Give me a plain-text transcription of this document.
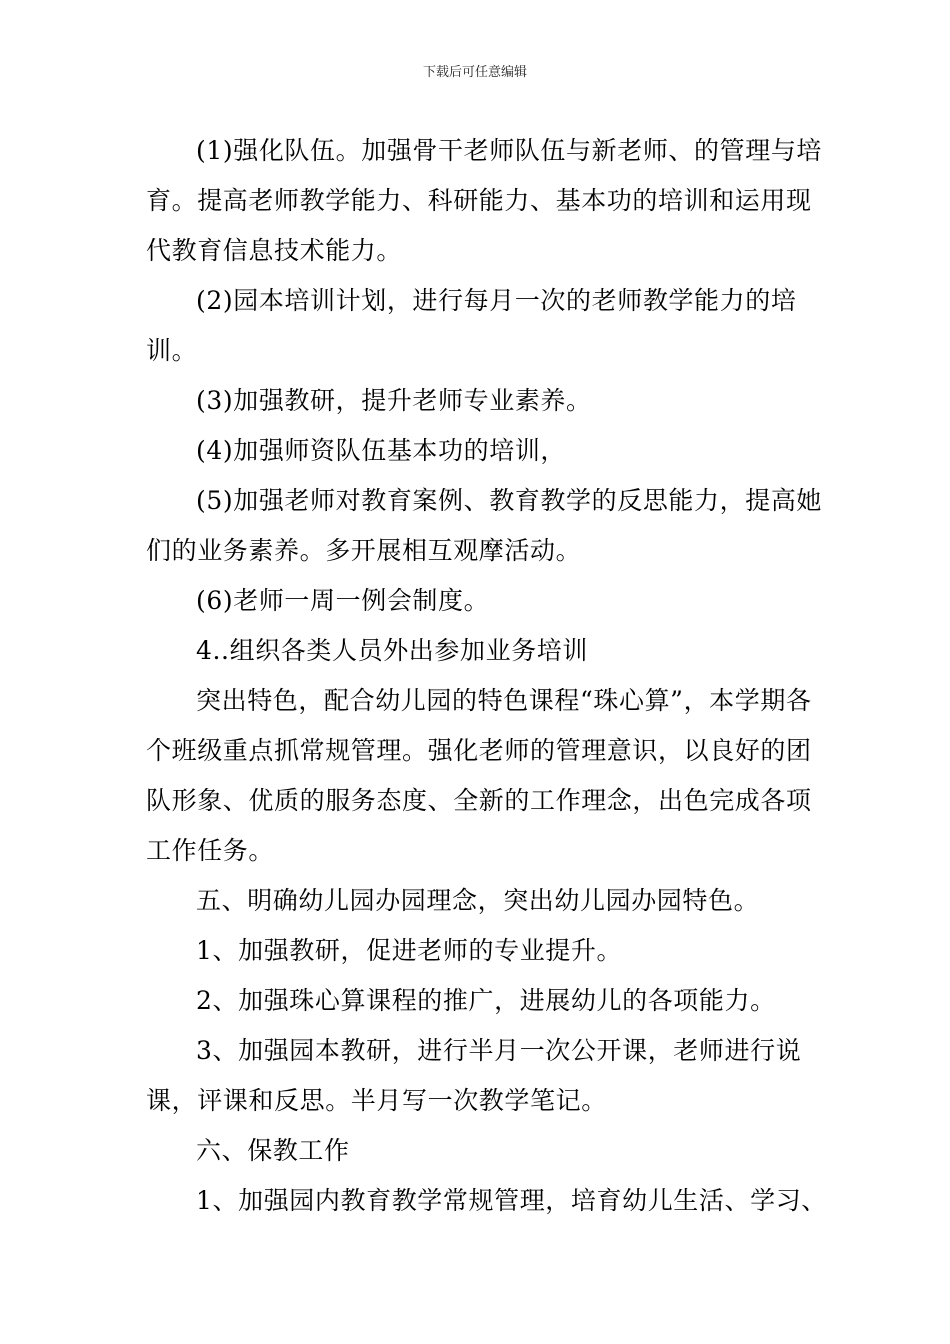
下载后可任意编辑

(1)强化队伍。加强骨干老师队伍与新老师、的管理与培育。提高老师教学能力、科研能力、基本功的培训和运用现代教育信息技术能力。

(2)园本培训计划，进行每月一次的老师教学能力的培训。

(3)加强教研，提升老师专业素养。

(4)加强师资队伍基本功的培训，

(5)加强老师对教育案例、教育教学的反思能力，提高她们的业务素养。多开展相互观摩活动。

(6)老师一周一例会制度。

4..组织各类人员外出参加业务培训

突出特色，配合幼儿园的特色课程“珠心算”，本学期各个班级重点抓常规管理。强化老师的管理意识，以良好的团队形象、优质的服务态度、全新的工作理念，出色完成各项工作任务。

五、明确幼儿园办园理念，突出幼儿园办园特色。

1、加强教研，促进老师的专业提升。

2、加强珠心算课程的推广，进展幼儿的各项能力。

3、加强园本教研，进行半月一次公开课，老师进行说课，评课和反思。半月写一次教学笔记。

六、保教工作

1、加强园内教育教学常规管理，培育幼儿生活、学习、
